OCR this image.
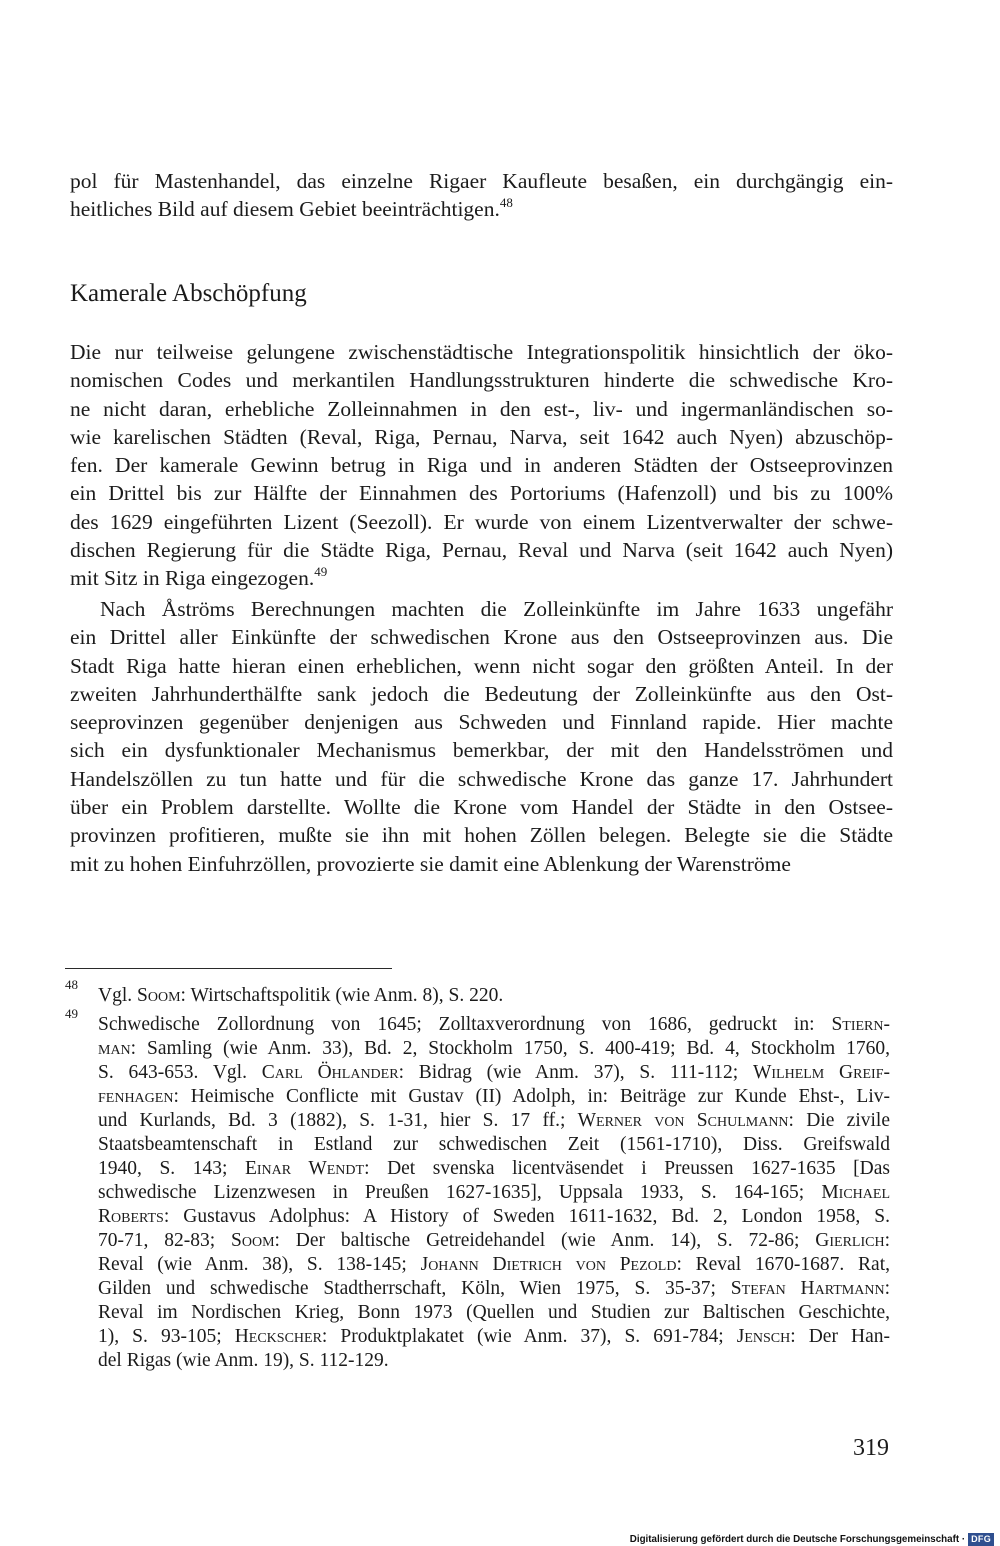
pol für Mastenhandel, das einzelne Rigaer Kaufleute besaßen, ein durchgängig ein-
heitliches Bild auf diesem Gebiet beeinträchtigen.$^{48}$
Kamerale Abschöpfung
Die nur teilweise gelungene zwischenstädtische Integrationspolitik hinsichtlich der öko-
nomischen Codes und merkantilen Handlungsstrukturen hinderte die schwedische Kro-
ne nicht daran, erhebliche Zolleinnahmen in den est-, liv- und ingermanländischen so-
wie karelischen Städten (Reval, Riga, Pernau, Narva, seit 1642 auch Nyen) abzuschöp-
fen. Der kamerale Gewinn betrug in Riga und in anderen Städten der Ostseeprovinzen
ein Drittel bis zur Hälfte der Einnahmen des Portoriums (Hafenzoll) und bis zu 100%
des 1629 eingeführten Lizent (Seezoll). Er wurde von einem Lizentverwalter der schwe-
dischen Regierung für die Städte Riga, Pernau, Reval und Narva (seit 1642 auch Nyen)
mit Sitz in Riga eingezogen.$^{49}$
Nach Åströms Berechnungen machten die Zolleinkünfte im Jahre 1633 ungefähr
ein Drittel aller Einkünfte der schwedischen Krone aus den Ostseeprovinzen aus. Die
Stadt Riga hatte hieran einen erheblichen, wenn nicht sogar den größten Anteil. In der
zweiten Jahrhunderthälfte sank jedoch die Bedeutung der Zolleinkünfte aus den Ost-
seeprovinzen gegenüber denjenigen aus Schweden und Finnland rapide. Hier machte
sich ein dysfunktionaler Mechanismus bemerkbar, der mit den Handelsströmen und
Handelszöllen zu tun hatte und für die schwedische Krone das ganze 17. Jahrhundert
über ein Problem darstellte. Wollte die Krone vom Handel der Städte in den Ostsee-
provinzen profitieren, mußte sie ihn mit hohen Zöllen belegen. Belegte sie die Städte
mit zu hohen Einfuhrzöllen, provozierte sie damit eine Ablenkung der Warenströme
48
Vgl. Soom: Wirtschaftspolitik (wie Anm. 8), S. 220.
49
Schwedische Zollordnung von 1645; Zolltaxverordnung von 1686, gedruckt in: Stiern-
man: Samling (wie Anm. 33), Bd. 2, Stockholm 1750, S. 400-419; Bd. 4, Stockholm 1760,
S. 643-653. Vgl. Carl Öhlander: Bidrag (wie Anm. 37), S. 111-112; Wilhelm Greif-
fenhagen: Heimische Conflicte mit Gustav (II) Adolph, in: Beiträge zur Kunde Ehst-, Liv-
und Kurlands, Bd. 3 (1882), S. 1-31, hier S. 17 ff.; Werner von Schulmann: Die zivile
Staatsbeamtenschaft in Estland zur schwedischen Zeit (1561-1710), Diss. Greifswald
1940, S. 143; Einar Wendt: Det svenska licentväsendet i Preussen 1627-1635 [Das
schwedische Lizenzwesen in Preußen 1627-1635], Uppsala 1933, S. 164-165; Michael
Roberts: Gustavus Adolphus: A History of Sweden 1611-1632, Bd. 2, London 1958, S.
70-71, 82-83; Soom: Der baltische Getreidehandel (wie Anm. 14), S. 72-86; Gierlich:
Reval (wie Anm. 38), S. 138-145; Johann Dietrich von Pezold: Reval 1670-1687. Rat,
Gilden und schwedische Stadtherrschaft, Köln, Wien 1975, S. 35-37; Stefan Hartmann:
Reval im Nordischen Krieg, Bonn 1973 (Quellen und Studien zur Baltischen Geschichte,
1), S. 93-105; Heckscher: Produktplakatet (wie Anm. 37), S. 691-784; Jensch: Der Han-
del Rigas (wie Anm. 19), S. 112-129.
319
Digitalisierung gefördert durch die Deutsche Forschungsgemeinschaft · DFG
